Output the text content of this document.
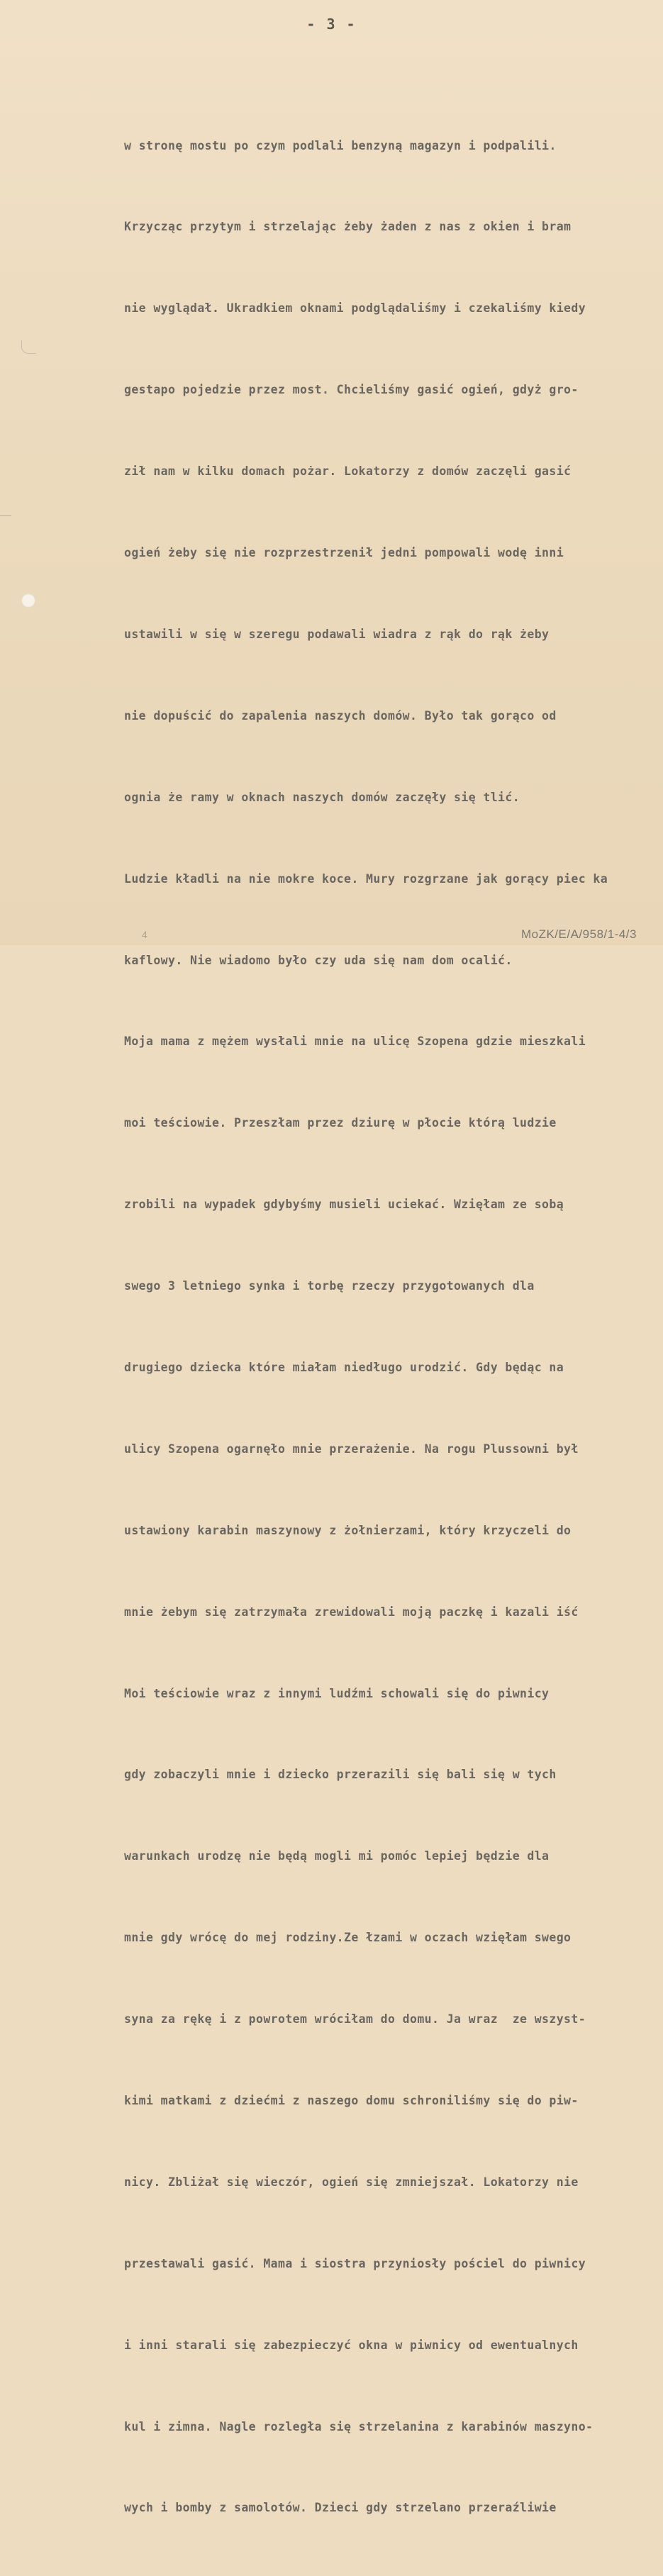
- 3 -

w stronę mostu po czym podlali benzyną magazyn i podpalili.

Krzycząc przytym i strzelając żeby żaden z nas z okien i bram

nie wyglądał. Ukradkiem oknami podglądaliśmy i czekaliśmy kiedy

gestapo pojedzie przez most. Chcieliśmy gasić ogień, gdyż gro-

ził nam w kilku domach pożar. Lokatorzy z domów zaczęli gasić

ogień żeby się nie rozprzestrzenił jedni pompowali wodę inni

ustawili w się w szeregu podawali wiadra z rąk do rąk żeby

nie dopuścić do zapalenia naszych domów. Było tak gorąco od

ognia że ramy w oknach naszych domów zaczęły się tlić.

Ludzie kładli na nie mokre koce. Mury rozgrzane jak gorący piec ka

kaflowy. Nie wiadomo było czy uda się nam dom ocalić.

Moja mama z mężem wysłali mnie na ulicę Szopena gdzie mieszkali

moi teściowie. Przeszłam przez dziurę w płocie którą ludzie

zrobili na wypadek gdybyśmy musieli uciekać. Wzięłam ze sobą

swego 3 letniego synka i torbę rzeczy przygotowanych dla

drugiego dziecka które miałam niedługo urodzić. Gdy będąc na

ulicy Szopena ogarnęło mnie przerażenie. Na rogu Plussowni był

ustawiony karabin maszynowy z żołnierzami, który krzyczeli do

mnie żebym się zatrzymała zrewidowali moją paczkę i kazali iść

Moi teściowie wraz z innymi ludźmi schowali się do piwnicy

gdy zobaczyli mnie i dziecko przerazili się bali się w tych

warunkach urodzę nie będą mogli mi pomóc lepiej będzie dla

mnie gdy wrócę do mej rodziny.Ze łzami w oczach wzięłam swego

syna za rękę i z powrotem wróciłam do domu. Ja wraz  ze wszyst-

kimi matkami z dziećmi z naszego domu schroniliśmy się do piw-

nicy. Zbliżał się wieczór, ogień się zmniejszał. Lokatorzy nie

przestawali gasić. Mama i siostra przyniosły pościel do piwnicy

i inni starali się zabezpieczyć okna w piwnicy od ewentualnych

kul i zimna. Nagle rozległa się strzelanina z karabinów maszyno-

wych i bomby z samolotów. Dzieci gdy strzelano przeraźliwie

4	MoZK/E/A/958/1-4/3
